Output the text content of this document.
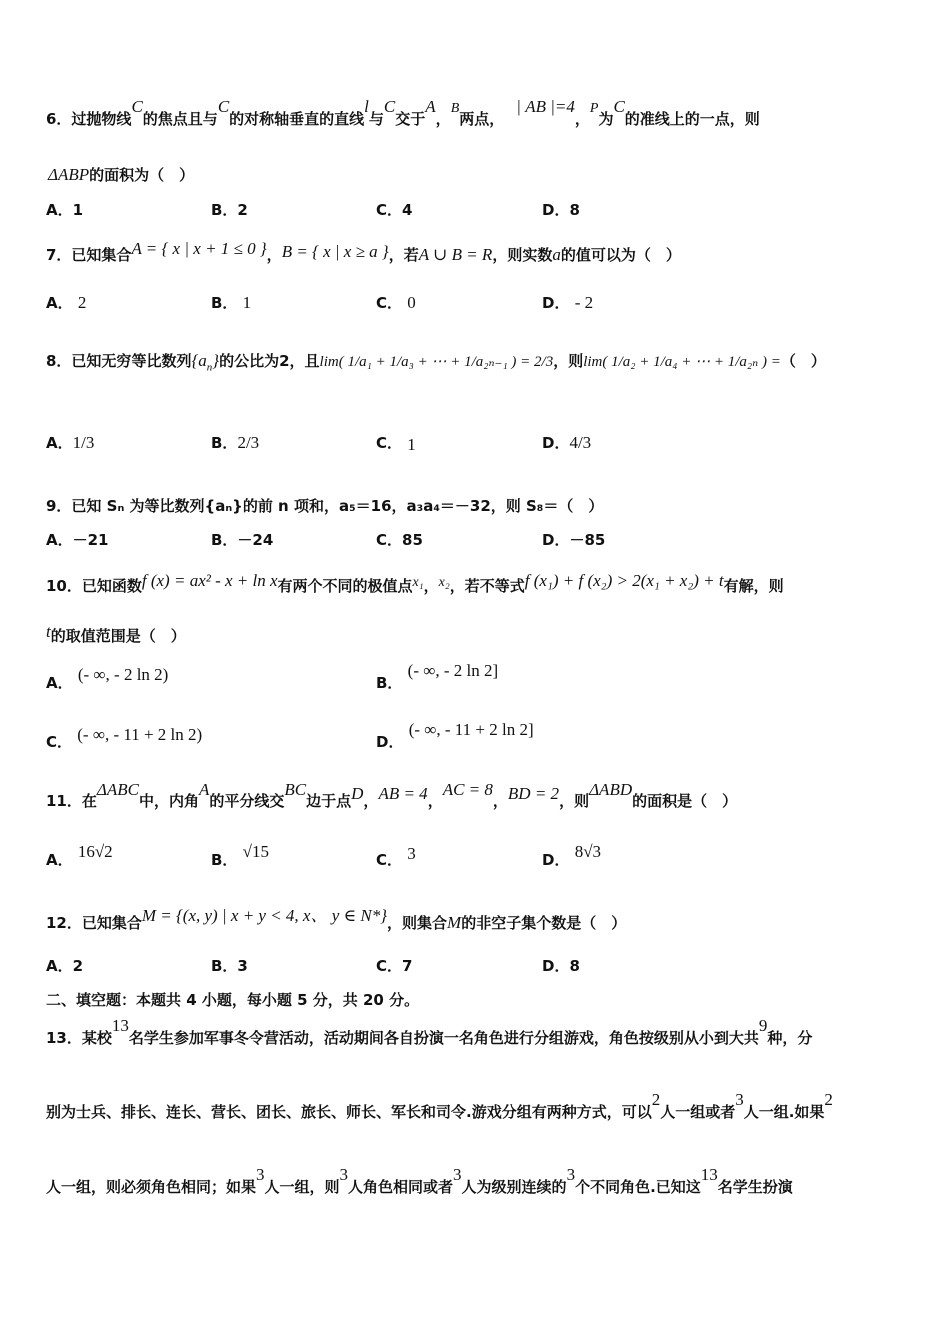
6．过抛物线C的焦点且与C的对称轴垂直的直线l与C交于A，B两点，| AB |=4，P为C的准线上的一点，则
ΔABP的面积为（　）
A．1	B．2	C．4	D．8
7．已知集合A = { x | x + 1 ≤ 0 }，B = { x | x ≥ a }，若A ∪ B = R，则实数a的值可以为（　）
A． 2	B． 1	C． 0	D． - 2
8．已知无穷等比数列$\{a_n\}$的公比为2，且lim( 1/a₁ + 1/a₃ + ⋯ + 1/a₂ₙ₋₁ ) = 2/3，则lim( 1/a₂ + 1/a₄ + ⋯ + 1/a₂ₙ ) =（　）
A．1/3	B．2/3	C． 1	D．4/3
9．已知 Sₙ 为等比数列{aₙ}的前 n 项和，a₅＝16，a₃a₄＝－32，则 S₈＝（　）
A．－21	B．－24	C．85	D．－85
10．已知函数f (x) = ax² - x + ln x有两个不同的极值点x₁，x₂，若不等式f (x₁) + f (x₂) > 2(x₁ + x₂) + t有解，则
t的取值范围是（　）
A． (- ∞, - 2 ln 2)	B． (- ∞, - 2 ln 2]
C． (- ∞, - 11 + 2 ln 2)	D． (- ∞, - 11 + 2 ln 2]
11．在ΔABC中，内角A的平分线交BC边于点D，AB = 4，AC = 8，BD = 2，则ΔABD的面积是（　）
A． 16√2	B． √15	C． 3	D． 8√3
12．已知集合M = {(x, y) | x + y < 4, x、 y ∈ N*}，则集合M的非空子集个数是（　）
A．2	B．3	C．7	D．8
二、填空题：本题共 4 小题，每小题 5 分，共 20 分。
13．某校13名学生参加军事冬令营活动，活动期间各自扮演一名角色进行分组游戏，角色按级别从小到大共9种，分
别为士兵、排长、连长、营长、团长、旅长、师长、军长和司令.游戏分组有两种方式，可以2人一组或者3人一组.如果2
人一组，则必须角色相同；如果3人一组，则3人角色相同或者3人为级别连续的3个不同角色.已知这13名学生扮演
